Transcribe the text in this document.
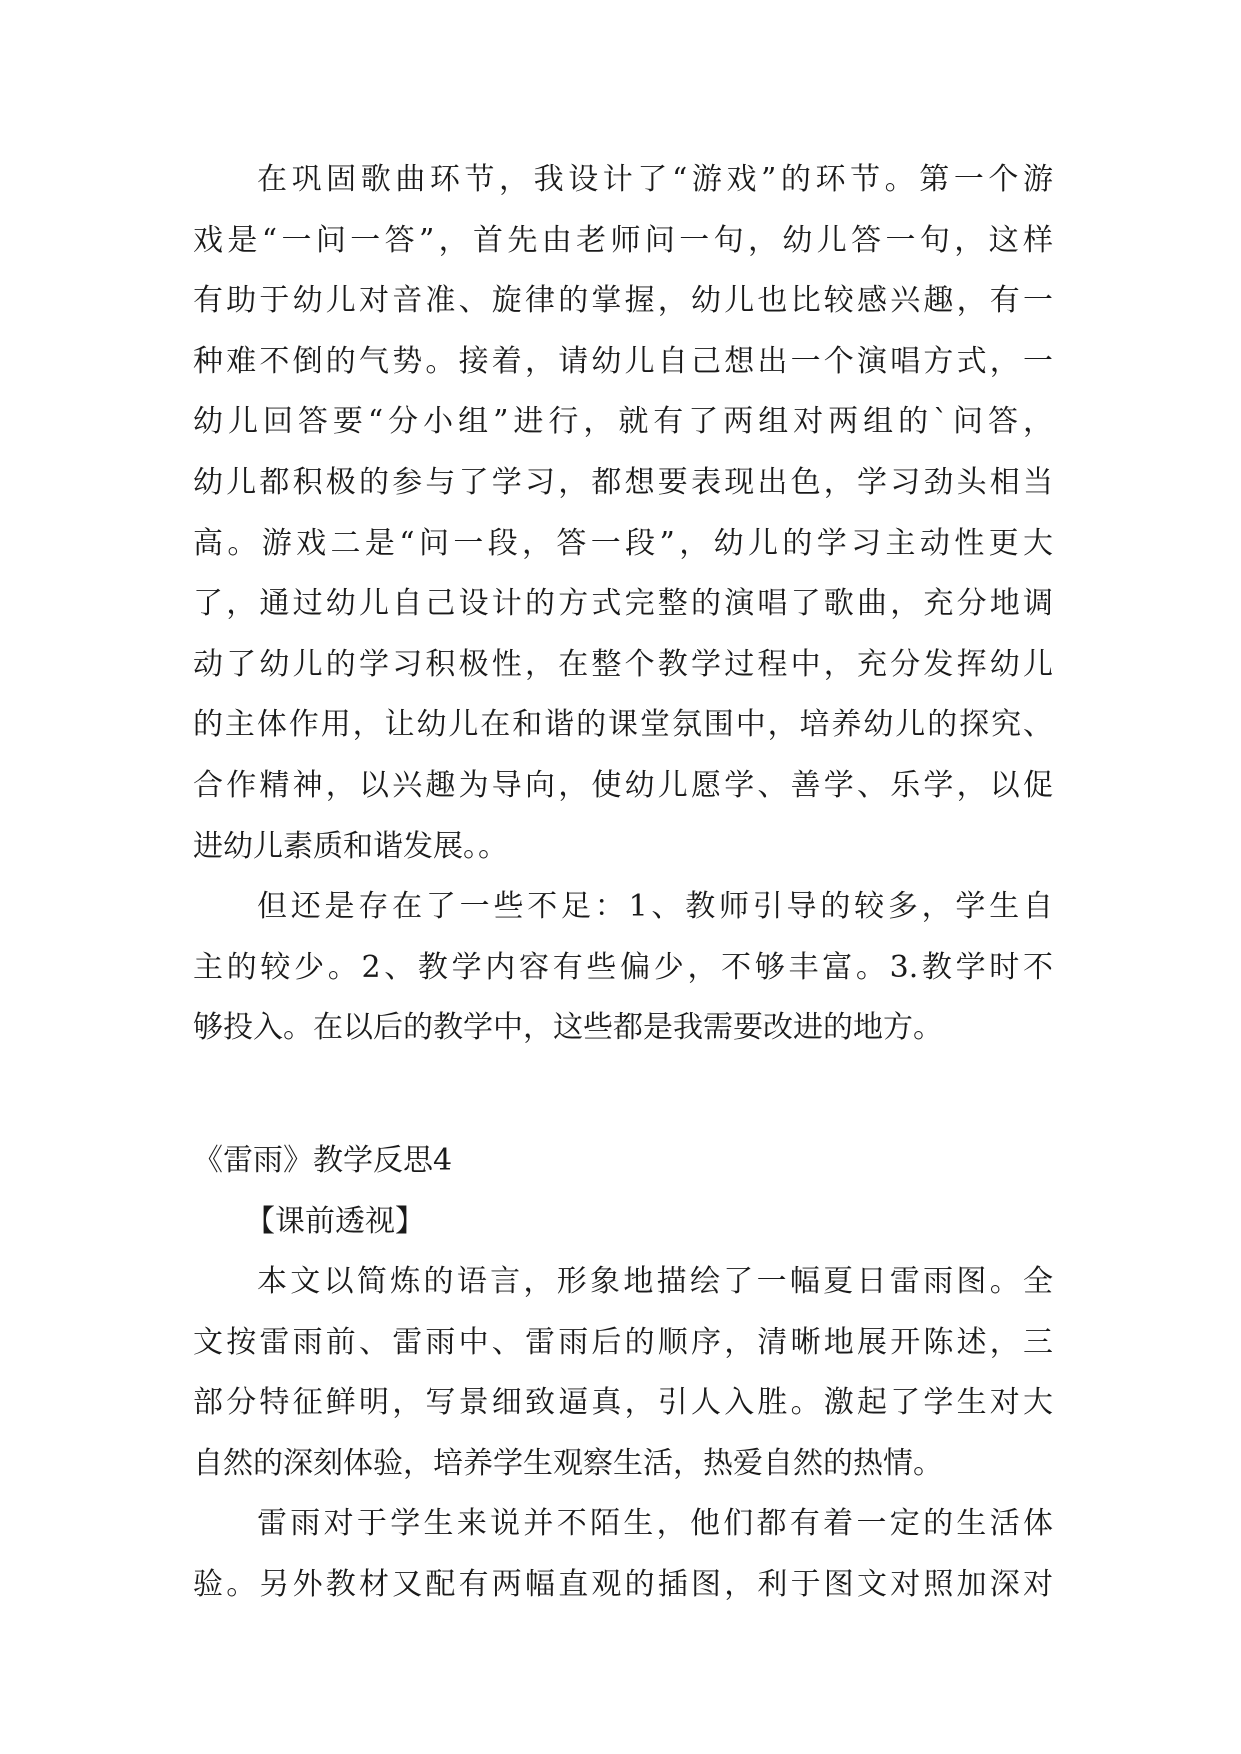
在巩固歌曲环节，我设计了“游戏”的环节。第一个游
戏是“一问一答”，首先由老师问一句，幼儿答一句，这样
有助于幼儿对音准、旋律的掌握，幼儿也比较感兴趣，有一
种难不倒的气势。接着，请幼儿自己想出一个演唱方式，一
幼儿回答要“分小组”进行，就有了两组对两组的`问答，
幼儿都积极的参与了学习，都想要表现出色，学习劲头相当
高。游戏二是“问一段，答一段”，幼儿的学习主动性更大
了，通过幼儿自己设计的方式完整的演唱了歌曲，充分地调
动了幼儿的学习积极性，在整个教学过程中，充分发挥幼儿
的主体作用，让幼儿在和谐的课堂氛围中，培养幼儿的探究、
合作精神，以兴趣为导向，使幼儿愿学、善学、乐学，以促
进幼儿素质和谐发展。。
但还是存在了一些不足：1、教师引导的较多，学生自
主的较少。2、教学内容有些偏少，不够丰富。3.教学时不
够投入。在以后的教学中，这些都是我需要改进的地方。
《雷雨》教学反思4
【课前透视】
本文以简炼的语言，形象地描绘了一幅夏日雷雨图。全
文按雷雨前、雷雨中、雷雨后的顺序，清晰地展开陈述，三
部分特征鲜明，写景细致逼真，引人入胜。激起了学生对大
自然的深刻体验，培养学生观察生活，热爱自然的热情。
雷雨对于学生来说并不陌生，他们都有着一定的生活体
验。另外教材又配有两幅直观的插图，利于图文对照加深对
